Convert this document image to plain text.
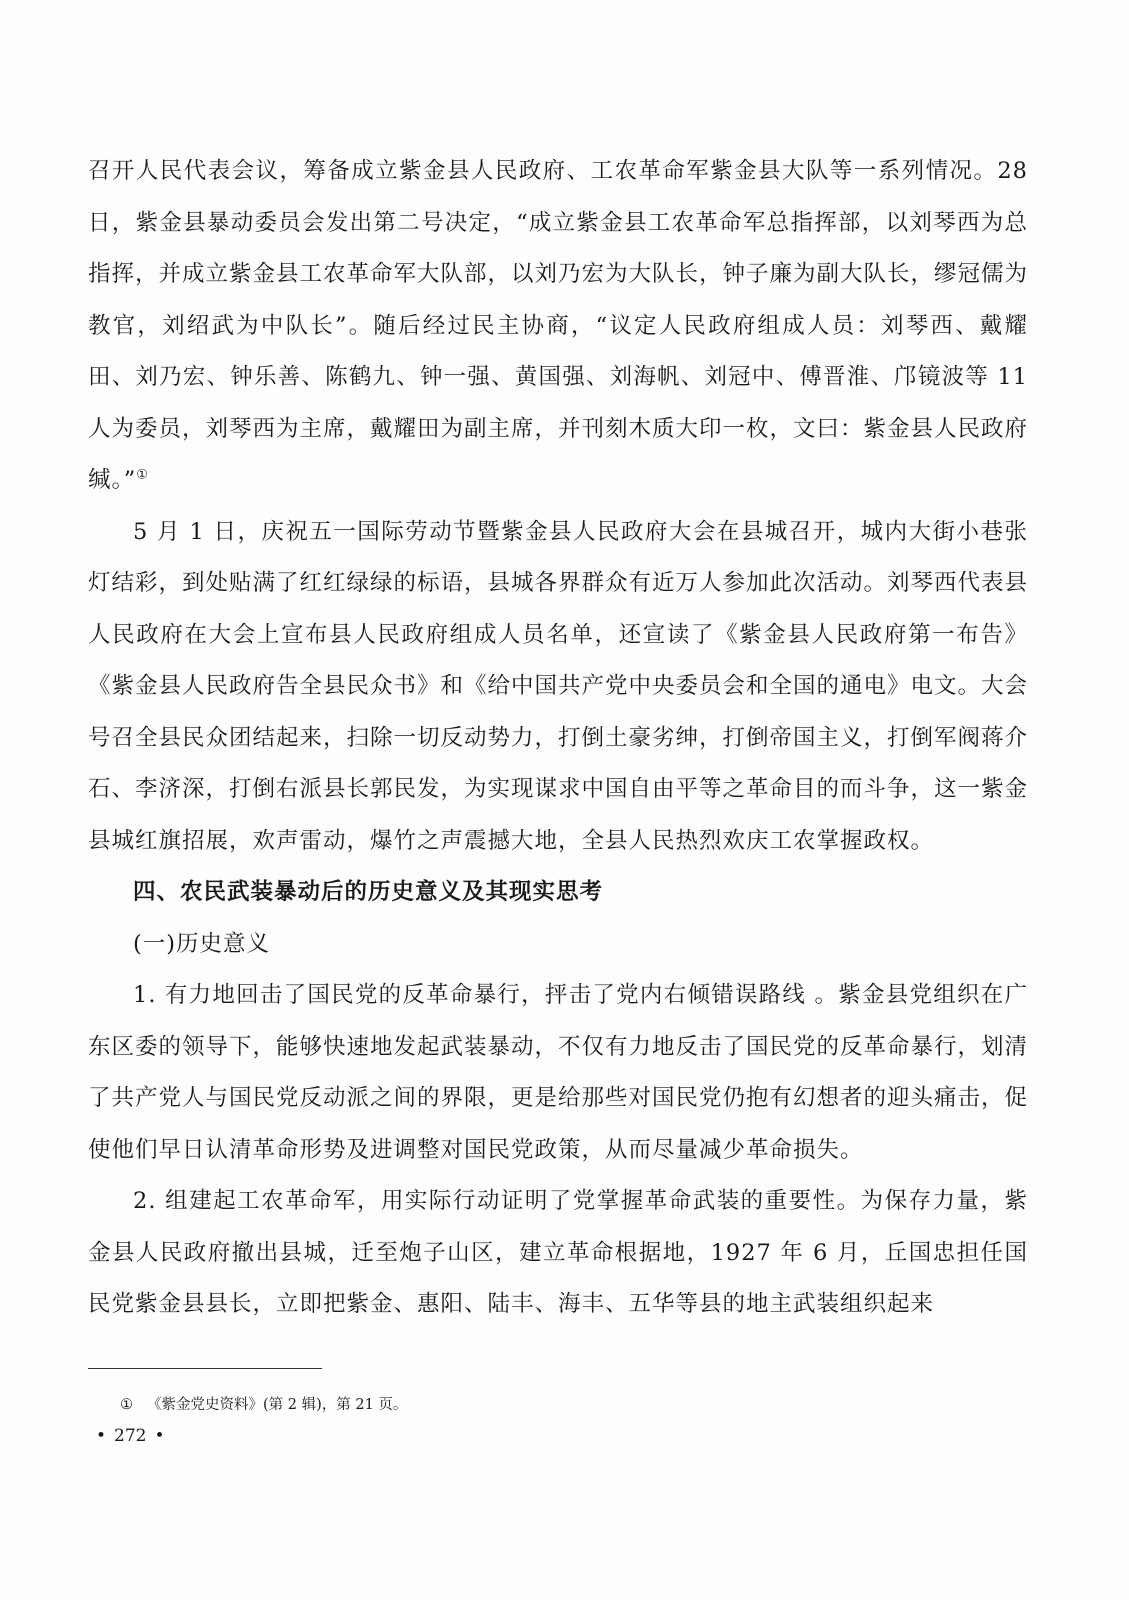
召开人民代表会议，筹备成立紫金县人民政府、工农革命军紫金县大队等一系列情况。28日，紫金县暴动委员会发出第二号决定，“成立紫金县工农革命军总指挥部，以刘琴西为总指挥，并成立紫金县工农革命军大队部，以刘乃宏为大队长，钟子廉为副大队长，缪冠儒为教官，刘绍武为中队长”。随后经过民主协商，“议定人民政府组成人员：刘琴西、戴耀田、刘乃宏、钟乐善、陈鹤九、钟一强、黄国强、刘海帆、刘冠中、傅晋淮、邝镜波等 11 人为委员，刘琴西为主席，戴耀田为副主席，并刊刻木质大印一枚，文曰：紫金县人民政府缄。”①

5 月 1 日，庆祝五一国际劳动节暨紫金县人民政府大会在县城召开，城内大街小巷张灯结彩，到处贴满了红红绿绿的标语，县城各界群众有近万人参加此次活动。刘琴西代表县人民政府在大会上宣布县人民政府组成人员名单，还宣读了《紫金县人民政府第一布告》《紫金县人民政府告全县民众书》和《给中国共产党中央委员会和全国的通电》电文。大会号召全县民众团结起来，扫除一切反动势力，打倒土豪劣绅，打倒帝国主义，打倒军阀蒋介石、李济深，打倒右派县长郭民发，为实现谋求中国自由平等之革命目的而斗争，这一紫金县城红旗招展，欢声雷动，爆竹之声震撼大地，全县人民热烈欢庆工农掌握政权。

四、农民武装暴动后的历史意义及其现实思考

(一)历史意义

1. 有力地回击了国民党的反革命暴行，抨击了党内右倾错误路线 。紫金县党组织在广东区委的领导下，能够快速地发起武装暴动，不仅有力地反击了国民党的反革命暴行，划清了共产党人与国民党反动派之间的界限，更是给那些对国民党仍抱有幻想者的迎头痛击，促使他们早日认清革命形势及进调整对国民党政策，从而尽量减少革命损失。

2. 组建起工农革命军，用实际行动证明了党掌握革命武装的重要性。为保存力量，紫金县人民政府撤出县城，迁至炮子山区，建立革命根据地，1927 年 6 月，丘国忠担任国民党紫金县县长，立即把紫金、惠阳、陆丰、海丰、五华等县的地主武装组织起来

① 《紫金党史资料》(第 2 辑)，第 21 页。
• 272 •
